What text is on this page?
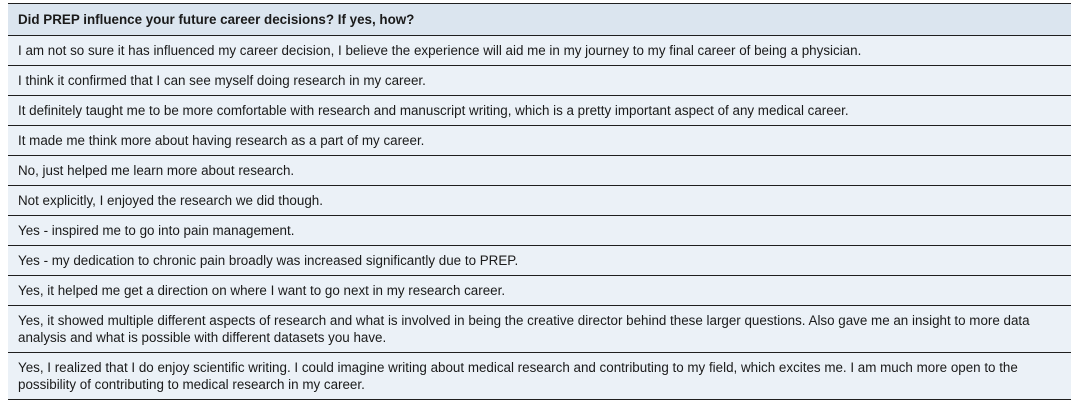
Did PREP influence your future career decisions? If yes, how?
I am not so sure it has influenced my career decision, I believe the experience will aid me in my journey to my final career of being a physician.
I think it confirmed that I can see myself doing research in my career.
It definitely taught me to be more comfortable with research and manuscript writing, which is a pretty important aspect of any medical career.
It made me think more about having research as a part of my career.
No, just helped me learn more about research.
Not explicitly, I enjoyed the research we did though.
Yes - inspired me to go into pain management.
Yes - my dedication to chronic pain broadly was increased significantly due to PREP.
Yes, it helped me get a direction on where I want to go next in my research career.
Yes, it showed multiple different aspects of research and what is involved in being the creative director behind these larger questions. Also gave me an insight to more data analysis and what is possible with different datasets you have.
Yes, I realized that I do enjoy scientific writing. I could imagine writing about medical research and contributing to my field, which excites me. I am much more open to the possibility of contributing to medical research in my career.
